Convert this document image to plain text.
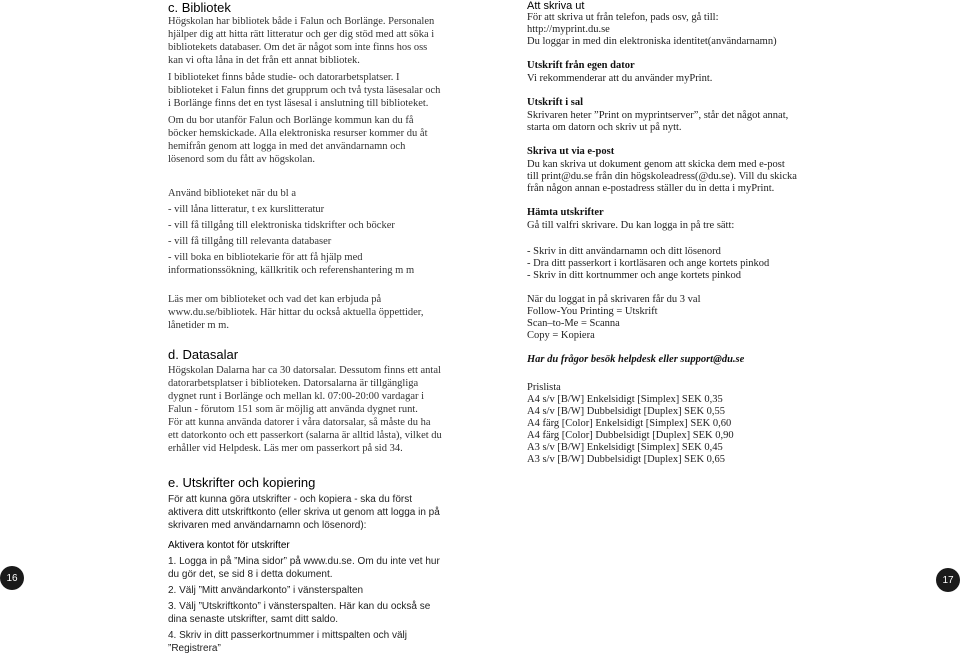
c. Bibliotek

Högskolan har bibliotek både i Falun och Borlänge. Personalen hjälper dig att hitta rätt litteratur och ger dig stöd med att söka i bibliotekets databaser. Om det är något som inte finns hos oss kan vi ofta låna in det från ett annat bibliotek.

I biblioteket finns både studie- och datorarbetsplatser. I biblioteket i Falun finns det grupprum och två tysta läsesalar och i Borlänge finns det en tyst läsesal i anslutning till biblioteket.

Om du bor utanför Falun och Borlänge kommun kan du få böcker hemskickade. Alla elektroniska resurser kommer du åt hemifrån genom att logga in med det användarnamn och lösenord som du fått av högskolan.

Använd biblioteket när du bl a

- vill låna litteratur, t ex kurslitteratur

- vill få tillgång till elektroniska tidskrifter och böcker

- vill få tillgång till relevanta databaser

- vill boka en bibliotekarie för att få hjälp med informationssökning, källkritik och referenshantering m m

Läs mer om biblioteket och vad det kan erbjuda på www.du.se/bibliotek. Här hittar du också aktuella öppettider, lånetider m m.

d. Datasalar

Högskolan Dalarna har ca 30 datorsalar. Dessutom finns ett antal datorarbetsplatser i biblioteken. Datorsalarna är tillgängliga dygnet runt i Borlänge och mellan kl. 07:00-20:00 vardagar i Falun - förutom 151 som är möjlig att använda dygnet runt.

För att kunna använda datorer i våra datorsalar, så måste du ha ett datorkonto och ett passerkort (salarna är alltid låsta), vilket du erhåller vid Helpdesk. Läs mer om passerkort på sid 34.

e. Utskrifter och kopiering

För att kunna göra utskrifter - och kopiera - ska du först aktivera ditt utskriftkonto (eller skriva ut genom att logga in på skrivaren med användarnamn och lösenord):

Aktivera kontot för utskrifter

1. Logga in på ”Mina sidor” på www.du.se. Om du inte vet hur du gör det, se sid 8 i detta dokument.

2. Välj ”Mitt användarkonto” i vänsterspalten

3. Välj ”Utskriftkonto” i vänsterspalten. Här kan du också se dina senaste utskrifter, samt ditt saldo.

4. Skriv in ditt passerkortnummer i mittspalten och välj ”Registrera”

Att skriva ut

För att skriva ut från telefon, pads osv, gå till:

http://myprint.du.se

Du loggar in med din elektroniska identitet(användarnamn)

Utskrift från egen dator

Vi rekommenderar att du använder myPrint.

Utskrift i sal

Skrivaren heter ”Print on myprintserver”, står det något annat, starta om datorn och skriv ut på nytt.

Skriva ut via e-post

Du kan skriva ut dokument genom att skicka dem med e-post till print@du.se från din högskoleadress(@du.se). Vill du skicka från någon annan e-postadress ställer du in detta i myPrint.

Hämta utskrifter

Gå till valfri skrivare. Du kan logga in på tre sätt:

- Skriv in ditt användarnamn och ditt lösenord

- Dra ditt passerkort i kortläsaren och ange kortets pinkod

- Skriv in ditt kortnummer och ange kortets pinkod

När du loggat in på skrivaren får du 3 val

Follow-You Printing = Utskrift

Scan–to-Me = Scanna

Copy = Kopiera

Har du frågor besök helpdesk eller support@du.se

Prislista

A4 s/v [B/W] Enkelsidigt [Simplex] SEK 0,35

A4 s/v [B/W] Dubbelsidigt [Duplex] SEK 0,55

A4 färg [Color] Enkelsidigt [Simplex] SEK 0,60

A4 färg [Color] Dubbelsidigt [Duplex] SEK 0,90

A3 s/v [B/W] Enkelsidigt [Simplex] SEK 0,45

A3 s/v [B/W] Dubbelsidigt [Duplex] SEK 0,65

16	17
